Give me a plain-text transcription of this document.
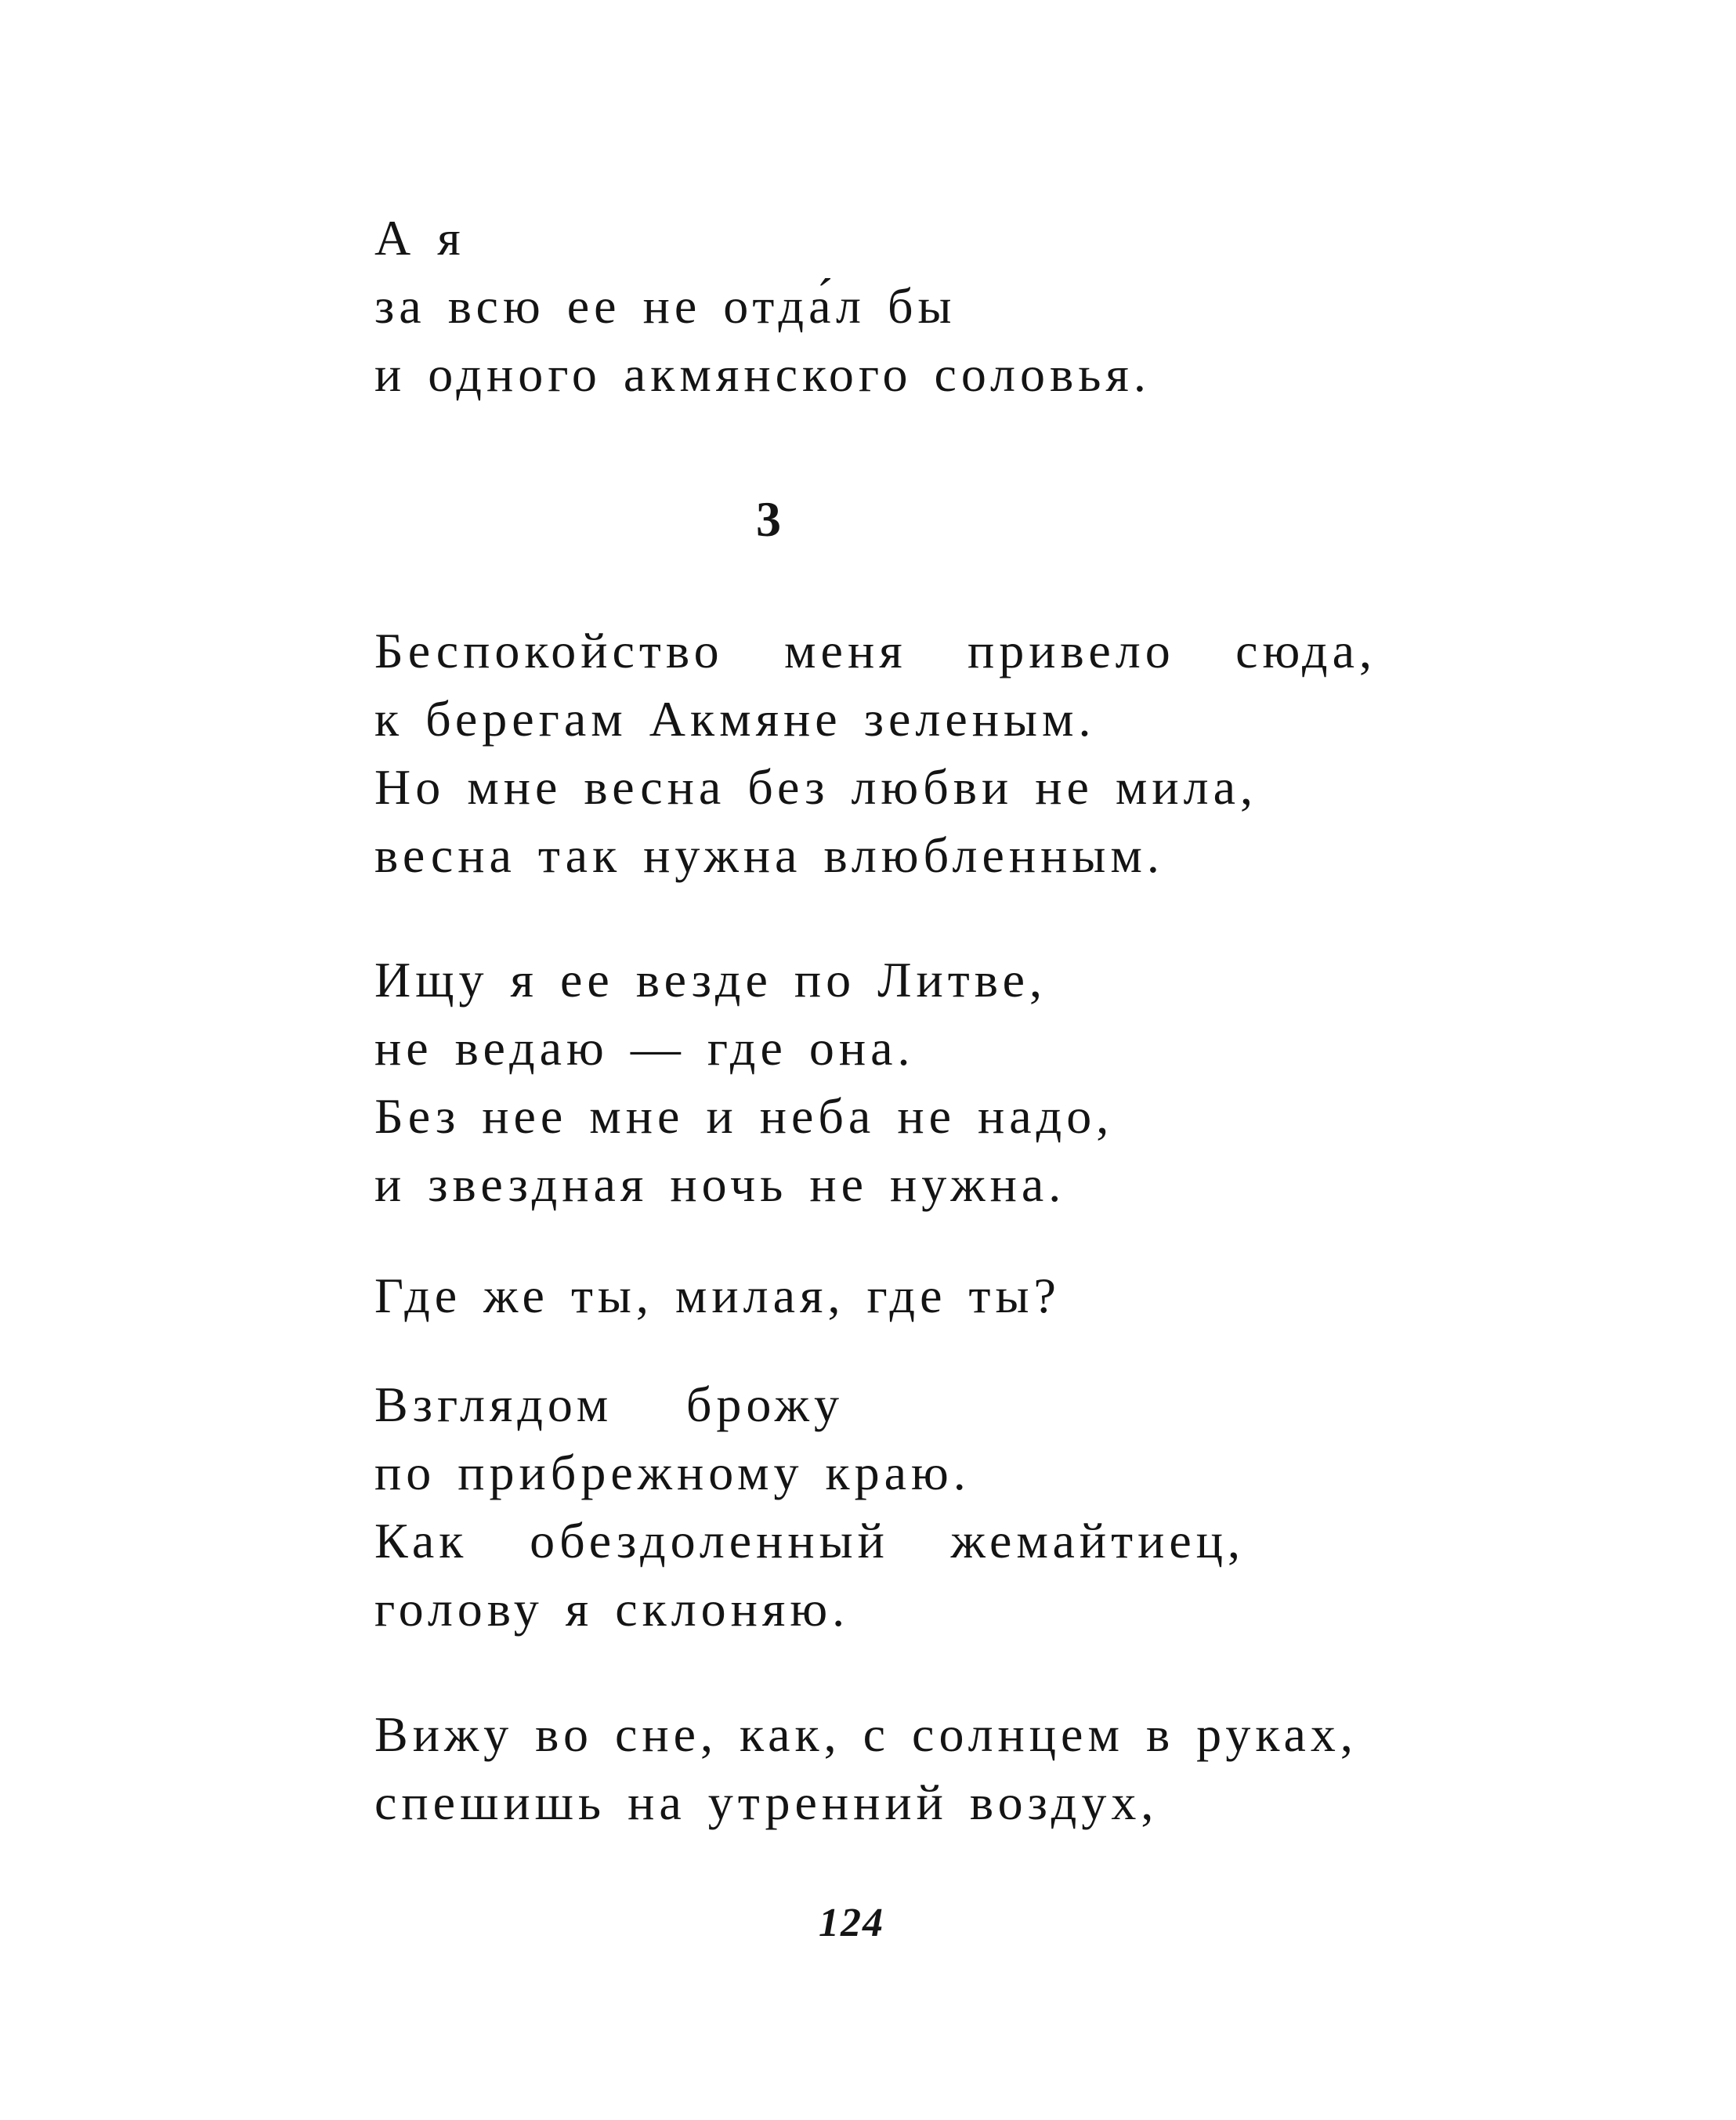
А я
за всю ее не отда́л бы
и одного акмянского соловья.
3
Беспокойство меня привело сюда,
к берегам Акмяне зеленым.
Но мне весна без любви не мила,
весна так нужна влюбленным.
Ищу я ее везде по Литве,
не ведаю — где она.
Без нее мне и неба не надо,
и звездная ночь не нужна.
Где же ты, милая, где ты?
Взглядом брожу
по прибрежному краю.
Как обездоленный жемайтиец,
голову я склоняю.
Вижу во сне, как, с солнцем в руках,
спешишь на утренний воздух,
124
